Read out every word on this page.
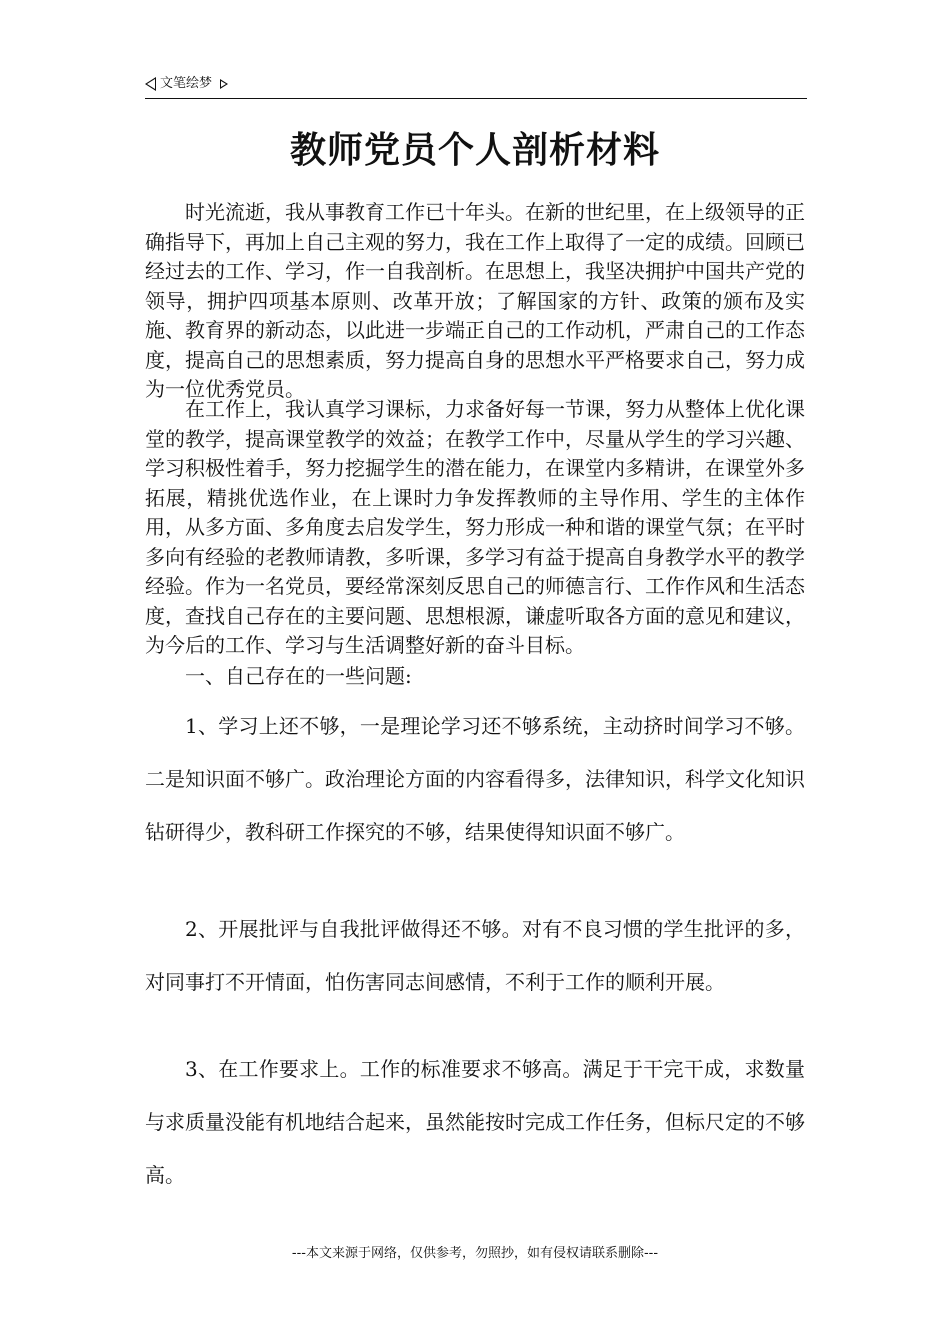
文笔绘梦
教师党员个人剖析材料

时光流逝，我从事教育工作已十年头。在新的世纪里，在上级领导的正确指导下，再加上自己主观的努力，我在工作上取得了一定的成绩。回顾已经过去的工作、学习，作一自我剖析。在思想上，我坚决拥护中国共产党的领导，拥护四项基本原则、改革开放；了解国家的方针、政策的颁布及实施、教育界的新动态，以此进一步端正自己的工作动机，严肃自己的工作态度，提高自己的思想素质，努力提高自身的思想水平严格要求自己，努力成为一位优秀党员。

在工作上，我认真学习课标，力求备好每一节课，努力从整体上优化课堂的教学，提高课堂教学的效益；在教学工作中，尽量从学生的学习兴趣、学习积极性着手，努力挖掘学生的潜在能力，在课堂内多精讲，在课堂外多拓展，精挑优选作业，在上课时力争发挥教师的主导作用、学生的主体作用，从多方面、多角度去启发学生，努力形成一种和谐的课堂气氛；在平时多向有经验的老教师请教，多听课，多学习有益于提高自身教学水平的教学经验。作为一名党员，要经常深刻反思自己的师德言行、工作作风和生活态度，查找自己存在的主要问题、思想根源，谦虚听取各方面的意见和建议，为今后的工作、学习与生活调整好新的奋斗目标。

一、自己存在的一些问题:

1、学习上还不够，一是理论学习还不够系统，主动挤时间学习不够。二是知识面不够广。政治理论方面的内容看得多，法律知识，科学文化知识钻研得少，教科研工作探究的不够，结果使得知识面不够广。

2、开展批评与自我批评做得还不够。对有不良习惯的学生批评的多，对同事打不开情面，怕伤害同志间感情，不利于工作的顺利开展。

3、在工作要求上。工作的标准要求不够高。满足于干完干成，求数量与求质量没能有机地结合起来，虽然能按时完成工作任务，但标尺定的不够高。

---本文来源于网络，仅供参考，勿照抄，如有侵权请联系删除---
